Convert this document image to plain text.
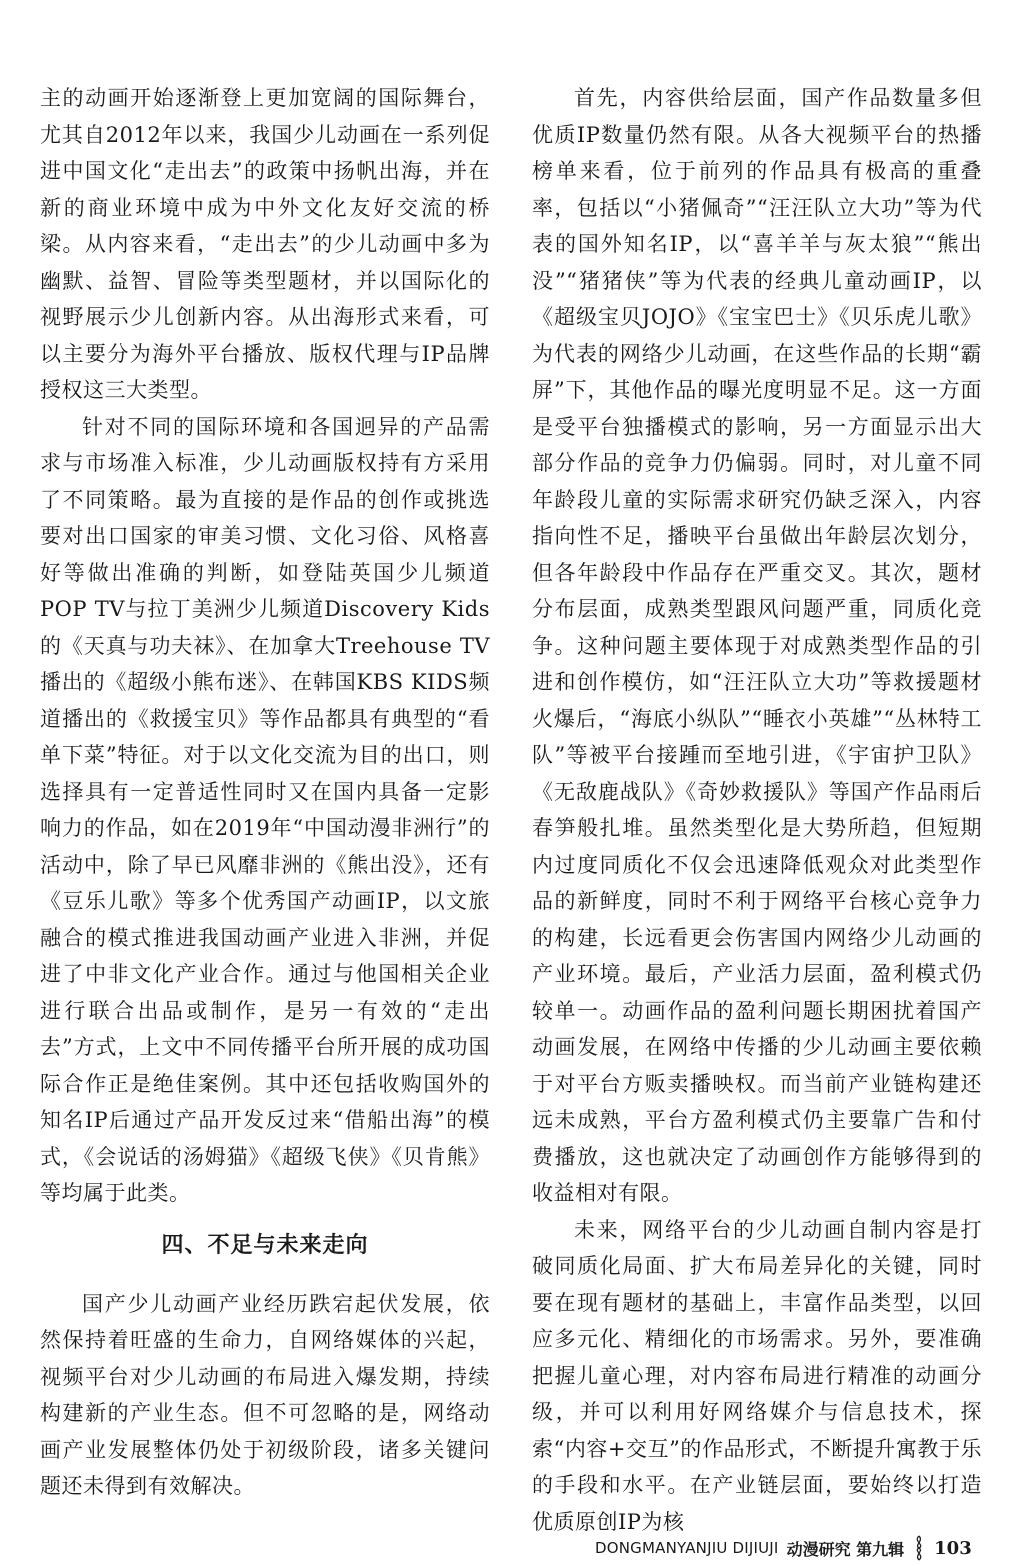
主的动画开始逐渐登上更加宽阔的国际舞台，尤其自2012年以来，我国少儿动画在一系列促进中国文化“走出去”的政策中扬帆出海，并在新的商业环境中成为中外文化友好交流的桥梁。从内容来看，“走出去”的少儿动画中多为幽默、益智、冒险等类型题材，并以国际化的视野展示少儿创新内容。从出海形式来看，可以主要分为海外平台播放、版权代理与IP品牌授权这三大类型。

针对不同的国际环境和各国迥异的产品需求与市场准入标准，少儿动画版权持有方采用了不同策略。最为直接的是作品的创作或挑选要对出口国家的审美习惯、文化习俗、风格喜好等做出准确的判断，如登陆英国少儿频道POP TV与拉丁美洲少儿频道Discovery Kids的《天真与功夫袜》、在加拿大Treehouse TV播出的《超级小熊布迷》、在韩国KBS KIDS频道播出的《救援宝贝》等作品都具有典型的“看单下菜”特征。对于以文化交流为目的出口，则选择具有一定普适性同时又在国内具备一定影响力的作品，如在2019年“中国动漫非洲行”的活动中，除了早已风靡非洲的《熊出没》，还有《豆乐儿歌》等多个优秀国产动画IP，以文旅融合的模式推进我国动画产业进入非洲，并促进了中非文化产业合作。通过与他国相关企业进行联合出品或制作，是另一有效的“走出去”方式，上文中不同传播平台所开展的成功国际合作正是绝佳案例。其中还包括收购国外的知名IP后通过产品开发反过来“借船出海”的模式，《会说话的汤姆猫》《超级飞侠》《贝肯熊》等均属于此类。

四、不足与未来走向

国产少儿动画产业经历跌宕起伏发展，依然保持着旺盛的生命力，自网络媒体的兴起，视频平台对少儿动画的布局进入爆发期，持续构建新的产业生态。但不可忽略的是，网络动画产业发展整体仍处于初级阶段，诸多关键问题还未得到有效解决。

首先，内容供给层面，国产作品数量多但优质IP数量仍然有限。从各大视频平台的热播榜单来看，位于前列的作品具有极高的重叠率，包括以“小猪佩奇”“汪汪队立大功”等为代表的国外知名IP，以“喜羊羊与灰太狼”“熊出没”“猪猪侠”等为代表的经典儿童动画IP，以《超级宝贝JOJO》《宝宝巴士》《贝乐虎儿歌》为代表的网络少儿动画，在这些作品的长期“霸屏”下，其他作品的曝光度明显不足。这一方面是受平台独播模式的影响，另一方面显示出大部分作品的竞争力仍偏弱。同时，对儿童不同年龄段儿童的实际需求研究仍缺乏深入，内容指向性不足，播映平台虽做出年龄层次划分，但各年龄段中作品存在严重交叉。其次，题材分布层面，成熟类型跟风问题严重，同质化竞争。这种问题主要体现于对成熟类型作品的引进和创作模仿，如“汪汪队立大功”等救援题材火爆后，“海底小纵队”“睡衣小英雄”“丛林特工队”等被平台接踵而至地引进，《宇宙护卫队》《无敌鹿战队》《奇妙救援队》等国产作品雨后春笋般扎堆。虽然类型化是大势所趋，但短期内过度同质化不仅会迅速降低观众对此类型作品的新鲜度，同时不利于网络平台核心竞争力的构建，长远看更会伤害国内网络少儿动画的产业环境。最后，产业活力层面，盈利模式仍较单一。动画作品的盈利问题长期困扰着国产动画发展，在网络中传播的少儿动画主要依赖于对平台方贩卖播映权。而当前产业链构建还远未成熟，平台方盈利模式仍主要靠广告和付费播放，这也就决定了动画创作方能够得到的收益相对有限。

未来，网络平台的少儿动画自制内容是打破同质化局面、扩大布局差异化的关键，同时要在现有题材的基础上，丰富作品类型，以回应多元化、精细化的市场需求。另外，要准确把握儿童心理，对内容布局进行精准的动画分级，并可以利用好网络媒介与信息技术，探索“内容+交互”的作品形式，不断提升寓教于乐的手段和水平。在产业链层面，要始终以打造优质原创IP为核

DONGMANYANJIU DIJIUJI 动漫研究 第九辑 103
